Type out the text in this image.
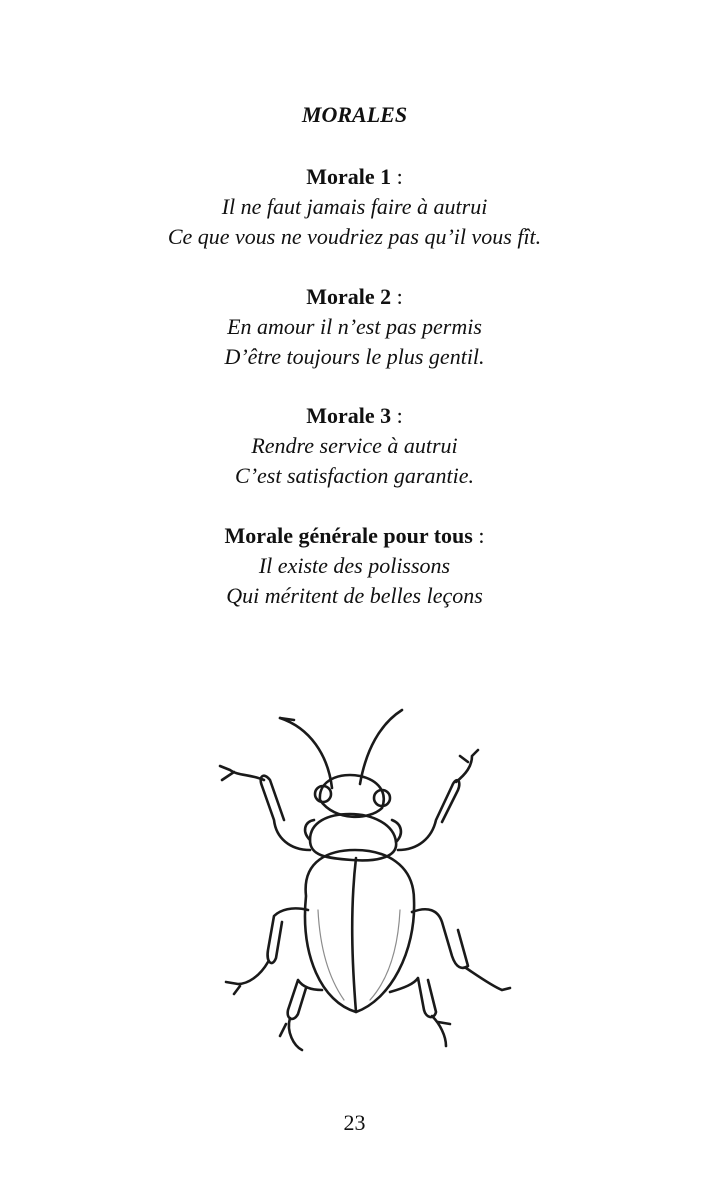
MORALES
Morale 1 :
Il ne faut jamais faire à autrui
Ce que vous ne voudriez pas qu’il vous fît.
Morale 2 :
En amour il n’est pas permis
D’être toujours le plus gentil.
Morale 3 :
Rendre service à autrui
C’est satisfaction garantie.
Morale générale pour tous :
Il existe des polissons
Qui méritent de belles leçons
23
